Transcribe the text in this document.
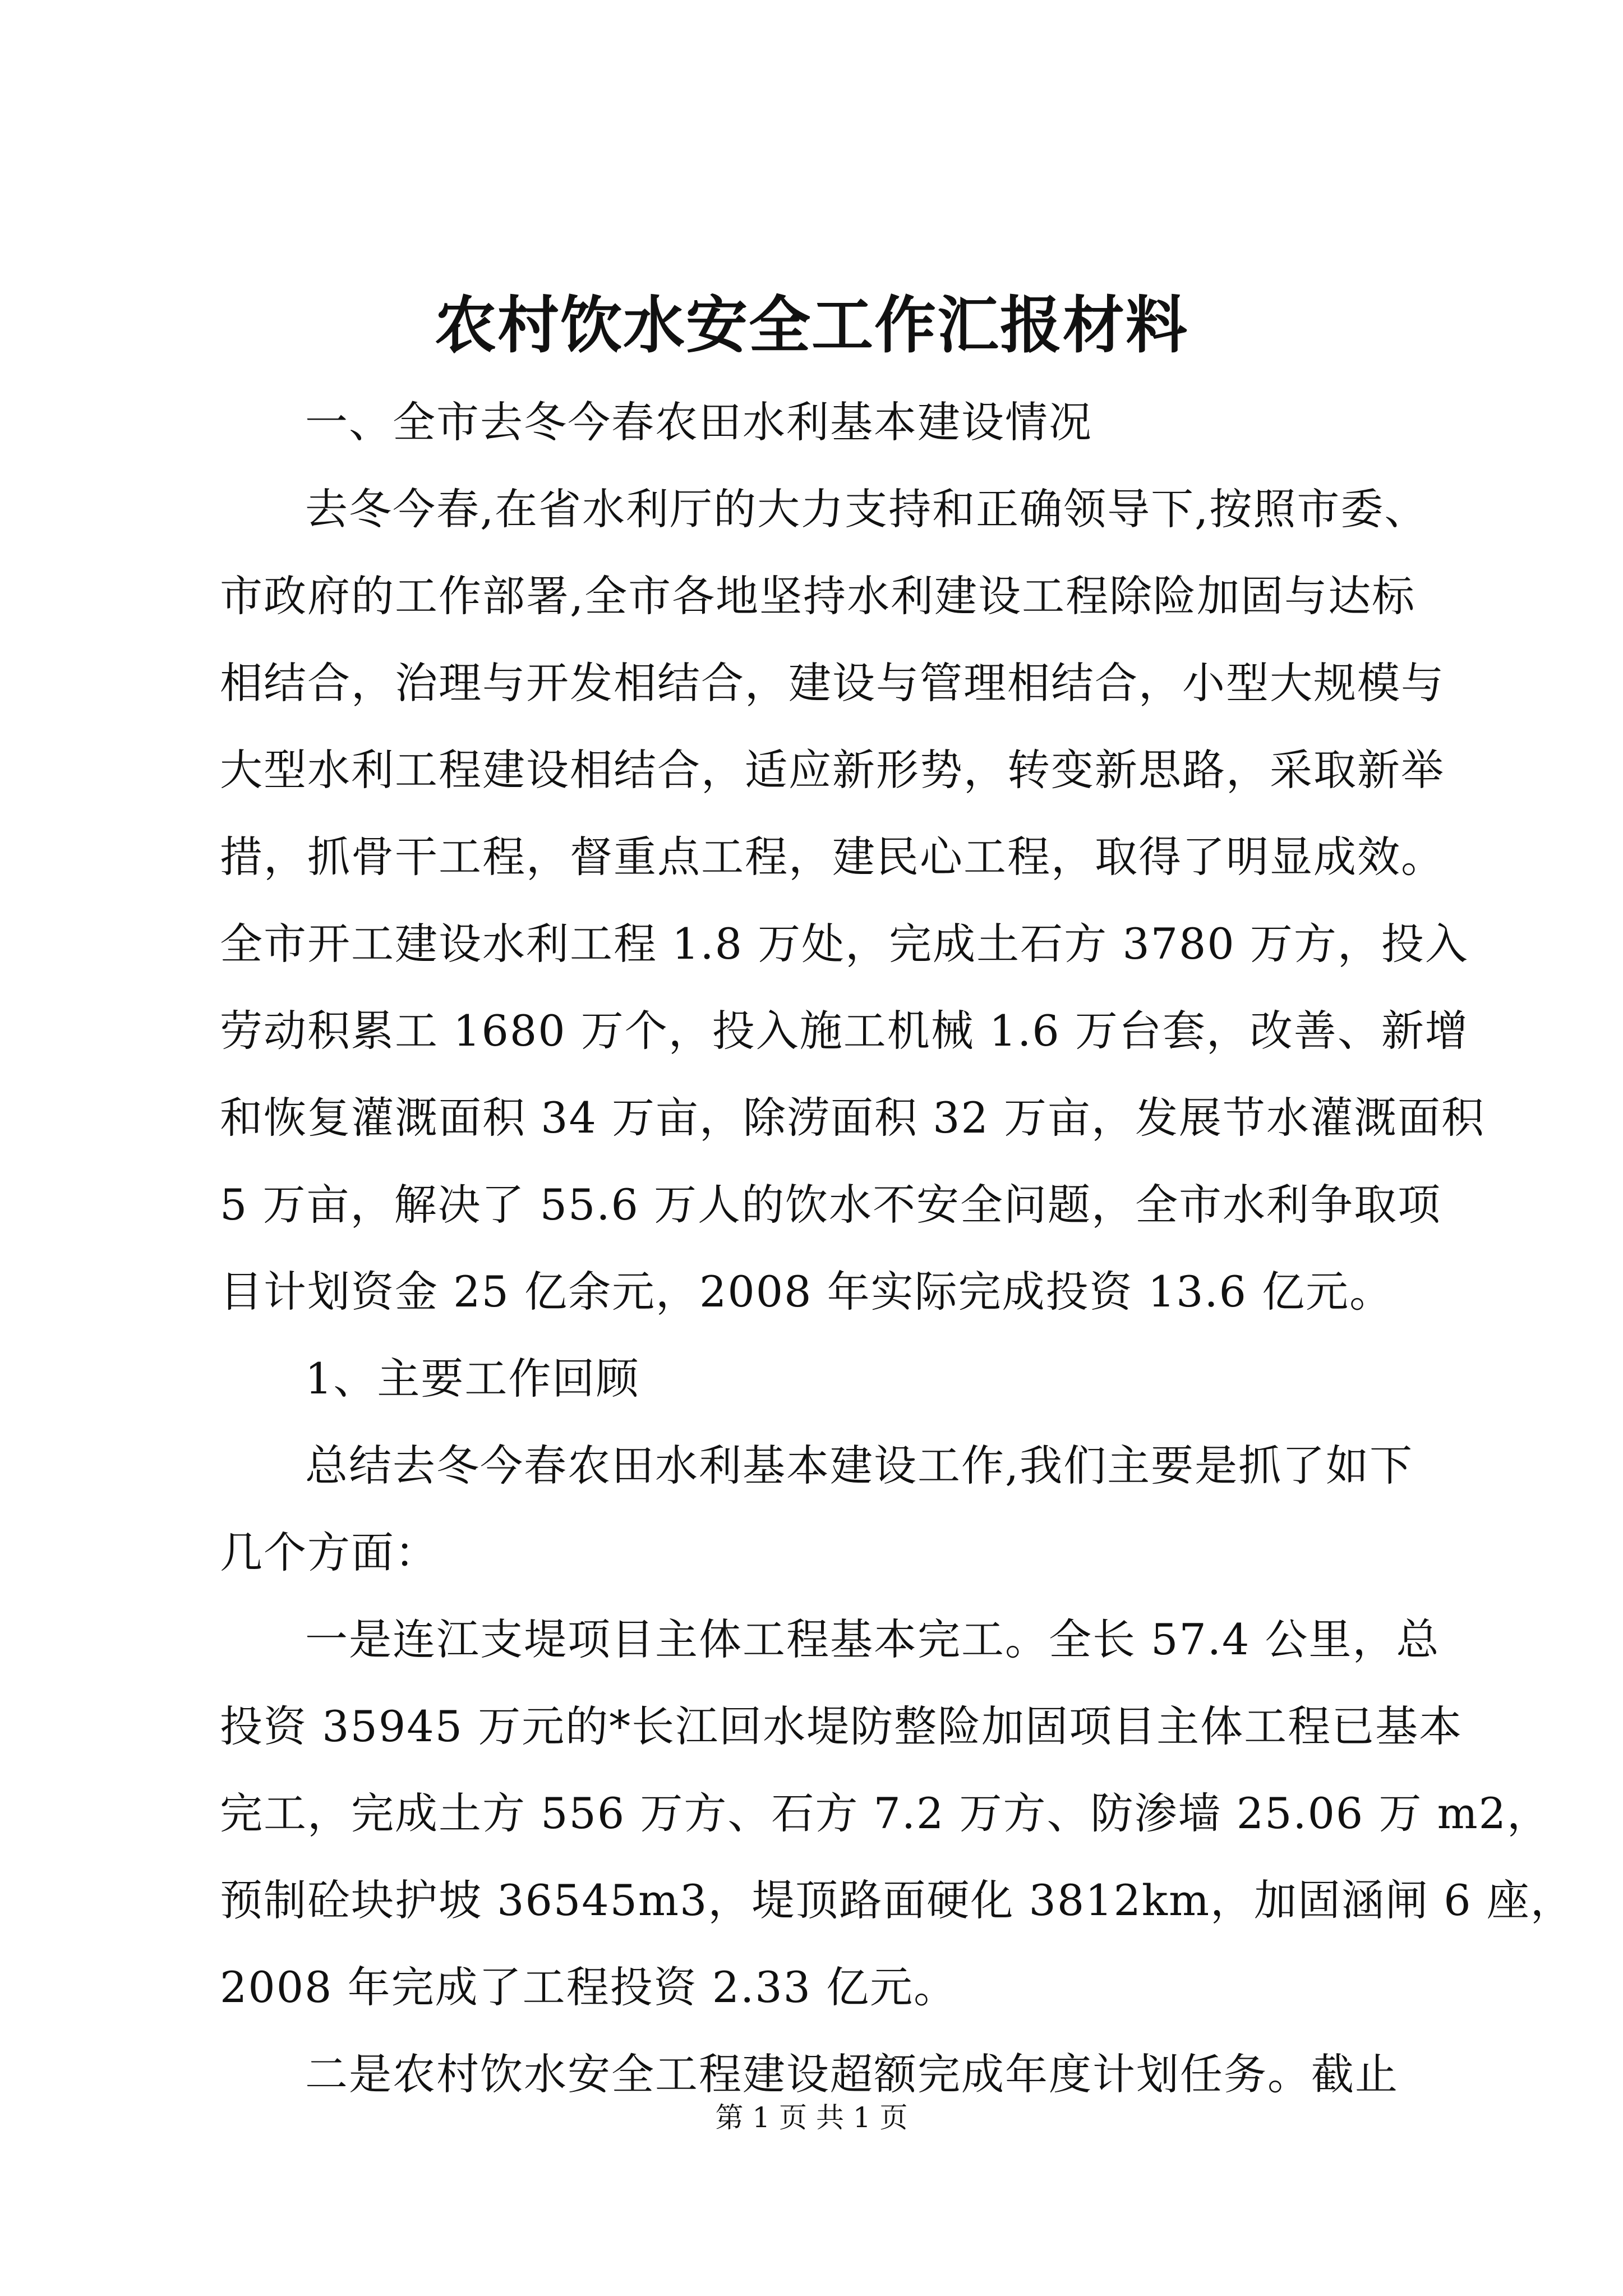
农村饮水安全工作汇报材料
一、全市去冬今春农田水利基本建设情况
去冬今春,在省水利厅的大力支持和正确领导下,按照市委、
市政府的工作部署,全市各地坚持水利建设工程除险加固与达标
相结合，治理与开发相结合，建设与管理相结合，小型大规模与
大型水利工程建设相结合，适应新形势，转变新思路，采取新举
措，抓骨干工程，督重点工程，建民心工程，取得了明显成效。
全市开工建设水利工程 1.8 万处，完成土石方 3780 万方，投入
劳动积累工 1680 万个，投入施工机械 1.6 万台套，改善、新增
和恢复灌溉面积 34 万亩，除涝面积 32 万亩，发展节水灌溉面积
5 万亩，解决了 55.6 万人的饮水不安全问题，全市水利争取项
目计划资金 25 亿余元，2008 年实际完成投资 13.6 亿元。
1、主要工作回顾
总结去冬今春农田水利基本建设工作,我们主要是抓了如下
几个方面：
一是连江支堤项目主体工程基本完工。全长 57.4 公里，总
投资 35945 万元的*长江回水堤防整险加固项目主体工程已基本
完工，完成土方 556 万方、石方 7.2 万方、防渗墙 25.06 万 m2，
预制砼块护坡 36545m3，堤顶路面硬化 3812km，加固涵闸 6 座，
2008 年完成了工程投资 2.33 亿元。
二是农村饮水安全工程建设超额完成年度计划任务。截止
第 1 页 共 1 页
